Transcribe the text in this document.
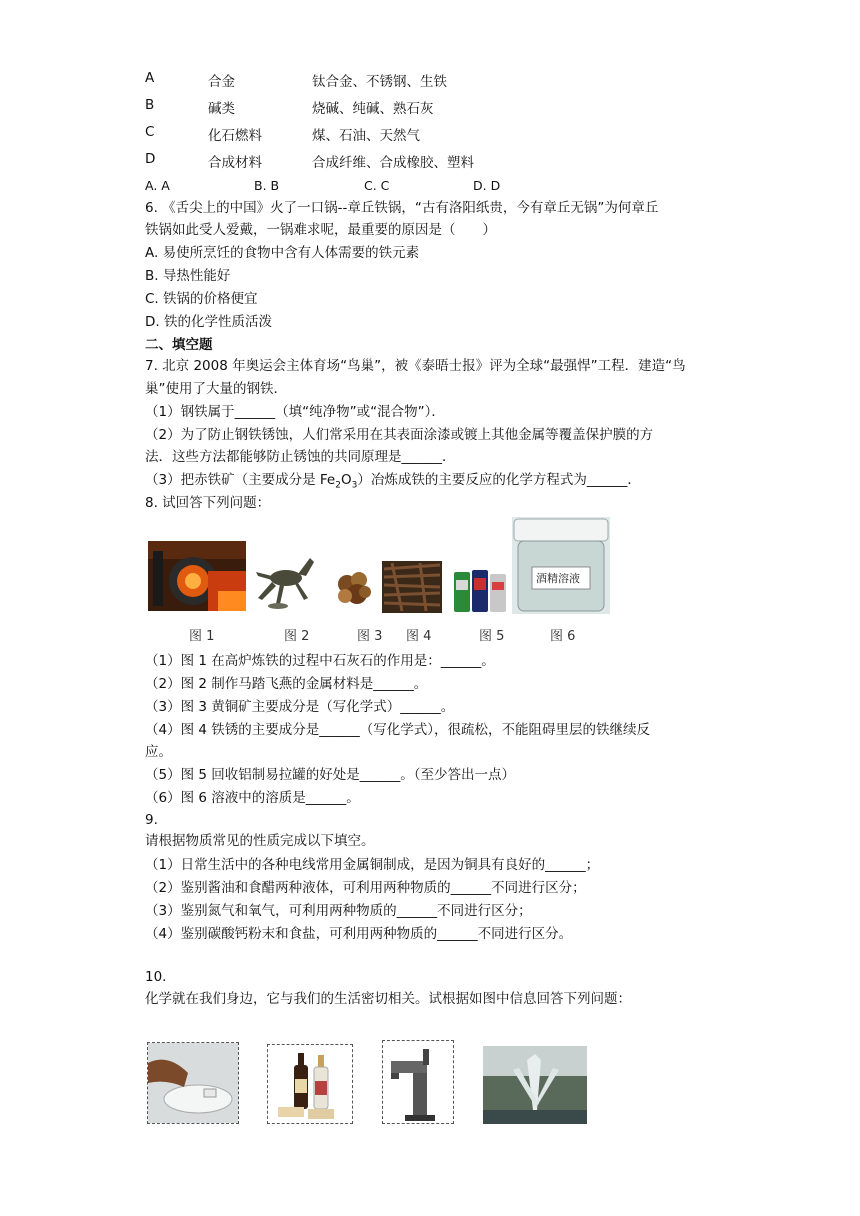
A	合金	钛合金、不锈钢、生铁
B	碱类	烧碱、纯碱、熟石灰
C	化石燃料	煤、石油、天然气
D	合成材料	合成纤维、合成橡胶、塑料
A. A	B. B	C. C	D. D
6. 《舌尖上的中国》火了一口锅--章丘铁锅，“古有洛阳纸贵，今有章丘无锅”为何章丘
铁锅如此受人爱戴，一锅难求呢，最重要的原因是（　　）
A. 易使所烹饪的食物中含有人体需要的铁元素
B. 导热性能好
C. 铁锅的价格便宜
D. 铁的化学性质活泼
二、填空题
7. 北京 2008 年奥运会主体育场“鸟巢”，被《泰晤士报》评为全球“最强悍”工程．建造“鸟
巢”使用了大量的钢铁．
（1）钢铁属于______（填“纯净物”或“混合物”）．
（2）为了防止钢铁锈蚀，人们常采用在其表面涂漆或镀上其他金属等覆盖保护膜的方
法．这些方法都能够防止锈蚀的共同原理是______．
（3）把赤铁矿（主要成分是 $Fe_2O_3$）冶炼成铁的主要反应的化学方程式为______．
8. 试回答下列问题：
酒精溶液
图 1	图 2	图 3 图 4	图 5	图 6
（1）图 1 在高炉炼铁的过程中石灰石的作用是：______。
（2）图 2 制作马踏飞燕的金属材料是______。
（3）图 3 黄铜矿主要成分是（写化学式）______。
（4）图 4 铁锈的主要成分是______（写化学式），很疏松，不能阻碍里层的铁继续反
应。
（5）图 5 回收铝制易拉罐的好处是______。（至少答出一点）
（6）图 6 溶液中的溶质是______。
9.
请根据物质常见的性质完成以下填空。
（1）日常生活中的各种电线常用金属铜制成，是因为铜具有良好的______；
（2）鉴别酱油和食醋两种液体，可利用两种物质的______不同进行区分；
（3）鉴别氮气和氧气，可利用两种物质的______不同进行区分；
（4）鉴别碳酸钙粉末和食盐，可利用两种物质的______不同进行区分。
10.
化学就在我们身边，它与我们的生活密切相关。试根据如图中信息回答下列问题：
